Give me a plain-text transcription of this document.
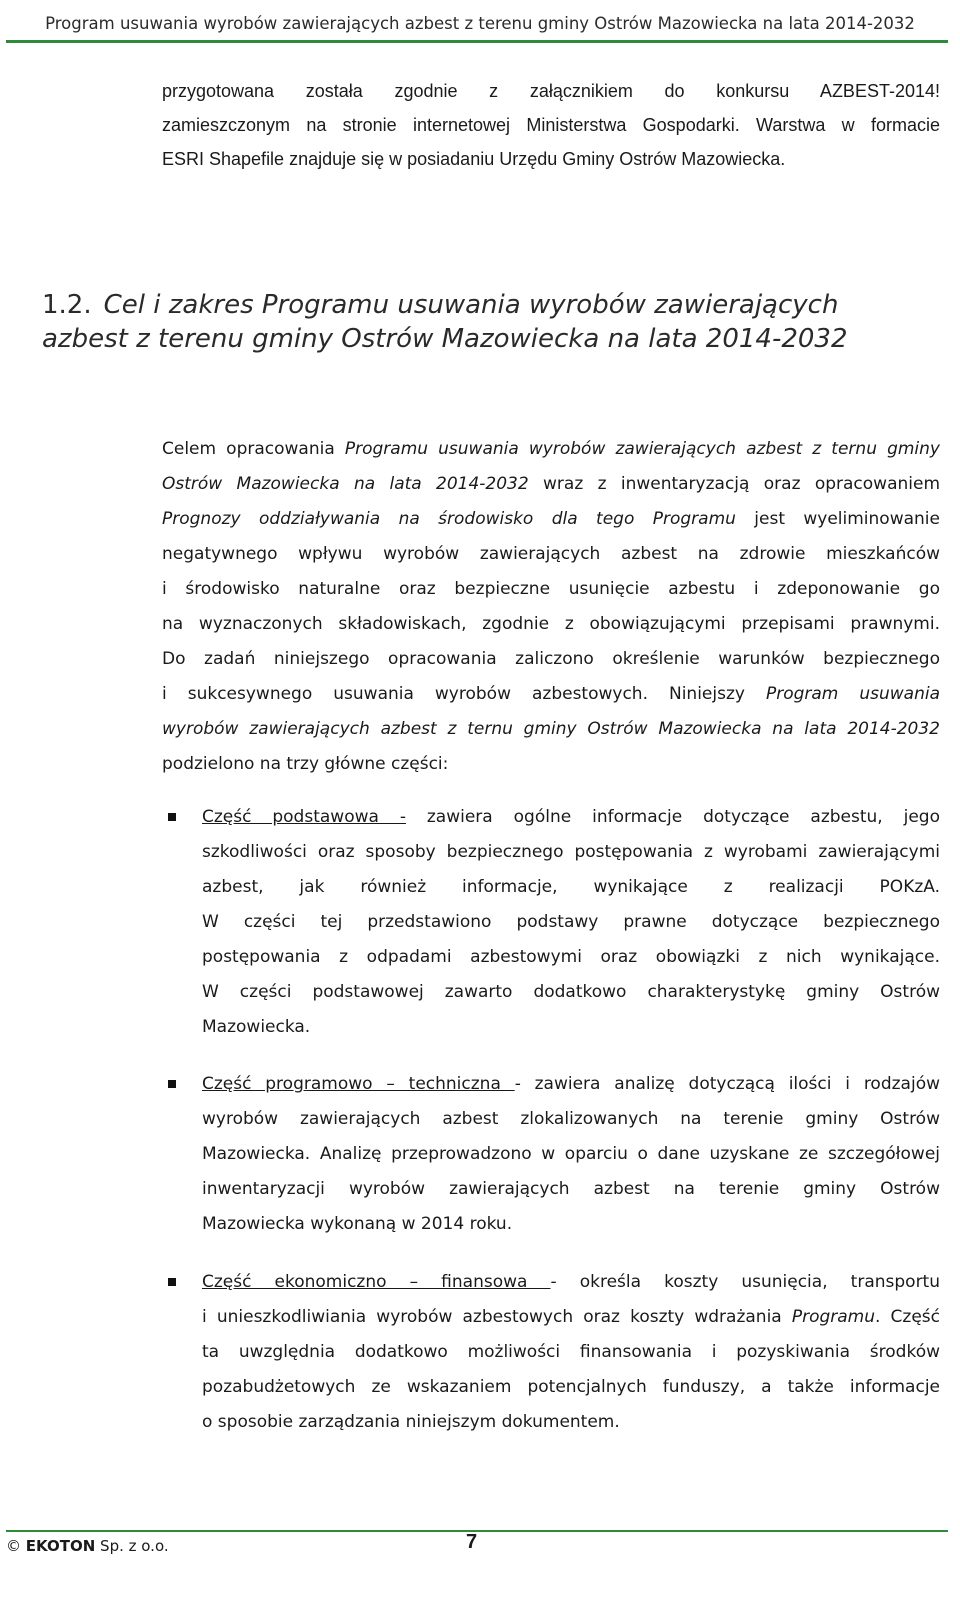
Program usuwania wyrobów zawierających azbest z terenu gminy Ostrów Mazowiecka na lata 2014-2032
przygotowana została zgodnie z załącznikiem do konkursu AZBEST-2014!
zamieszczonym na stronie internetowej Ministerstwa Gospodarki. Warstwa w formacie
ESRI Shapefile znajduje się w posiadaniu Urzędu Gminy Ostrów Mazowiecka.
1.2. Cel i zakres Programu usuwania wyrobów zawierających
azbest z terenu gminy Ostrów Mazowiecka na lata 2014-2032
Celem opracowania Programu usuwania wyrobów zawierających azbest z ternu gminy
Ostrów Mazowiecka na lata 2014-2032 wraz z inwentaryzacją oraz opracowaniem
Prognozy oddziaływania na środowisko dla tego Programu jest wyeliminowanie
negatywnego wpływu wyrobów zawierających azbest na zdrowie mieszkańców
i środowisko naturalne oraz bezpieczne usunięcie azbestu i zdeponowanie go
na wyznaczonych składowiskach, zgodnie z obowiązującymi przepisami prawnymi.
Do zadań niniejszego opracowania zaliczono określenie warunków bezpiecznego
i sukcesywnego usuwania wyrobów azbestowych. Niniejszy Program usuwania
wyrobów zawierających azbest z ternu gminy Ostrów Mazowiecka na lata 2014-2032
podzielono na trzy główne części:
Część podstawowa - zawiera ogólne informacje dotyczące azbestu, jego
szkodliwości oraz sposoby bezpiecznego postępowania z wyrobami zawierającymi
azbest, jak również informacje, wynikające z realizacji POKzA.
W części tej przedstawiono podstawy prawne dotyczące bezpiecznego
postępowania z odpadami azbestowymi oraz obowiązki z nich wynikające.
W części podstawowej zawarto dodatkowo charakterystykę gminy Ostrów
Mazowiecka.
Część programowo – techniczna - zawiera analizę dotyczącą ilości i rodzajów
wyrobów zawierających azbest zlokalizowanych na terenie gminy Ostrów
Mazowiecka. Analizę przeprowadzono w oparciu o dane uzyskane ze szczegółowej
inwentaryzacji wyrobów zawierających azbest na terenie gminy Ostrów
Mazowiecka wykonaną w 2014 roku.
Część ekonomiczno – finansowa - określa koszty usunięcia, transportu
i unieszkodliwiania wyrobów azbestowych oraz koszty wdrażania Programu. Część
ta uwzględnia dodatkowo możliwości finansowania i pozyskiwania środków
pozabudżetowych ze wskazaniem potencjalnych funduszy, a także informacje
o sposobie zarządzania niniejszym dokumentem.
© EKOTON Sp. z o.o.	7
